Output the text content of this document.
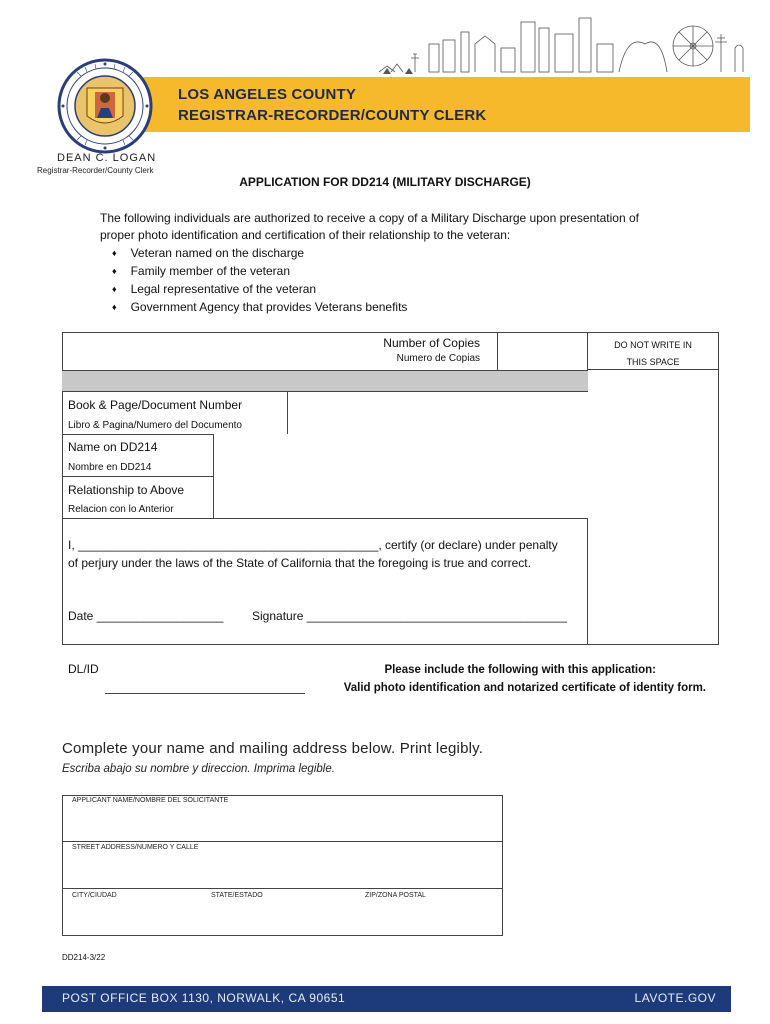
LOS ANGELES COUNTY
REGISTRAR-RECORDER/COUNTY CLERK
DEAN C. LOGAN
Registrar-Recorder/County Clerk
APPLICATION FOR DD214 (MILITARY DISCHARGE)
The following individuals are authorized to receive a copy of a Military Discharge upon presentation of
proper photo identification and certification of their relationship to the veteran:
♦ Veteran named on the discharge
♦ Family member of the veteran
♦ Legal representative of the veteran
♦ Government Agency that provides Veterans benefits
DO NOT WRITE IN
THIS SPACE
Number of Copies
Numero de Copias
Book & Page/Document Number
Libro & Pagina/Numero del Documento
Name on DD214
Nombre en DD214
Relationship to Above
Relacion con lo Anterior
I, _____________________________________________, certify (or declare) under penalty
of perjury under the laws of the State of California that the foregoing is true and correct.
Date ___________________ Signature _______________________________________
DL/ID	Please include the following with this application:
Valid photo identification and notarized certificate of identity form.
Complete your name and mailing address below. Print legibly.
Escriba abajo su nombre y direccion. Imprima legible.
APPLICANT NAME/NOMBRE DEL SOLICITANTE
STREET ADDRESS/NUMERO Y CALLE
CITY/CIUDAD	STATE/ESTADO	ZIP/ZONA POSTAL
DD214-3/22
POST OFFICE BOX 1130, NORWALK, CA 90651	LAVOTE.GOV
